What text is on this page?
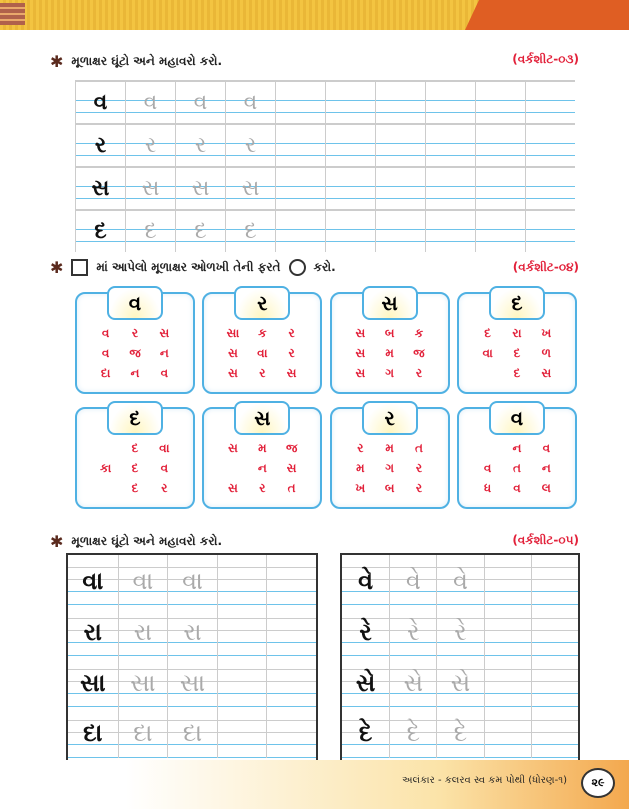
✱ મૂળાક્ષર ઘૂંટો અને મહાવરો કરો.	(વર્કશીટ-૦૩)
વ	વ	વ	વ
ર	ર	ર	ર
સ	સ	સ	સ
દ	દ	દ	દ
✱	માં આપેલો મૂળાક્ષર ઓળખી તેની ફરતે	કરો.	(વર્કશીટ-૦૪)
વ
વ	ર	સ
વ	જ	ન
દા	ન	વ
ર
સા	ક	ર
સ	વા	ર
સ	ર	સ
સ
સ	બ	ક
સ	મ	જ
સ	ગ	ર
દ
દ	રા	ખ
વા	દ	ળ
દ	સ
દ
દ	વા
કા	દ	વ
દ	ર
સ
સ	મ	જ
ન	સ
સ	ર	ત
ર
ર	મ	ત
મ	ગ	ર
ખ	બ	ર
વ
ન	વ
વ	ત	ન
ધ	વ	લ
✱ મૂળાક્ષર ઘૂંટો અને મહાવરો કરો.	(વર્કશીટ-૦૫)
વા	વા	વા
રા	રા	રા
સા	સા	સા
દા	દા	દા
વે	વે	વે
રે	રે	રે
સે	સે	સે
દે	દે	દે
અલંકાર - કલરવ સ્વ કમ પોથી (ધોરણ-૧)	૨૯
